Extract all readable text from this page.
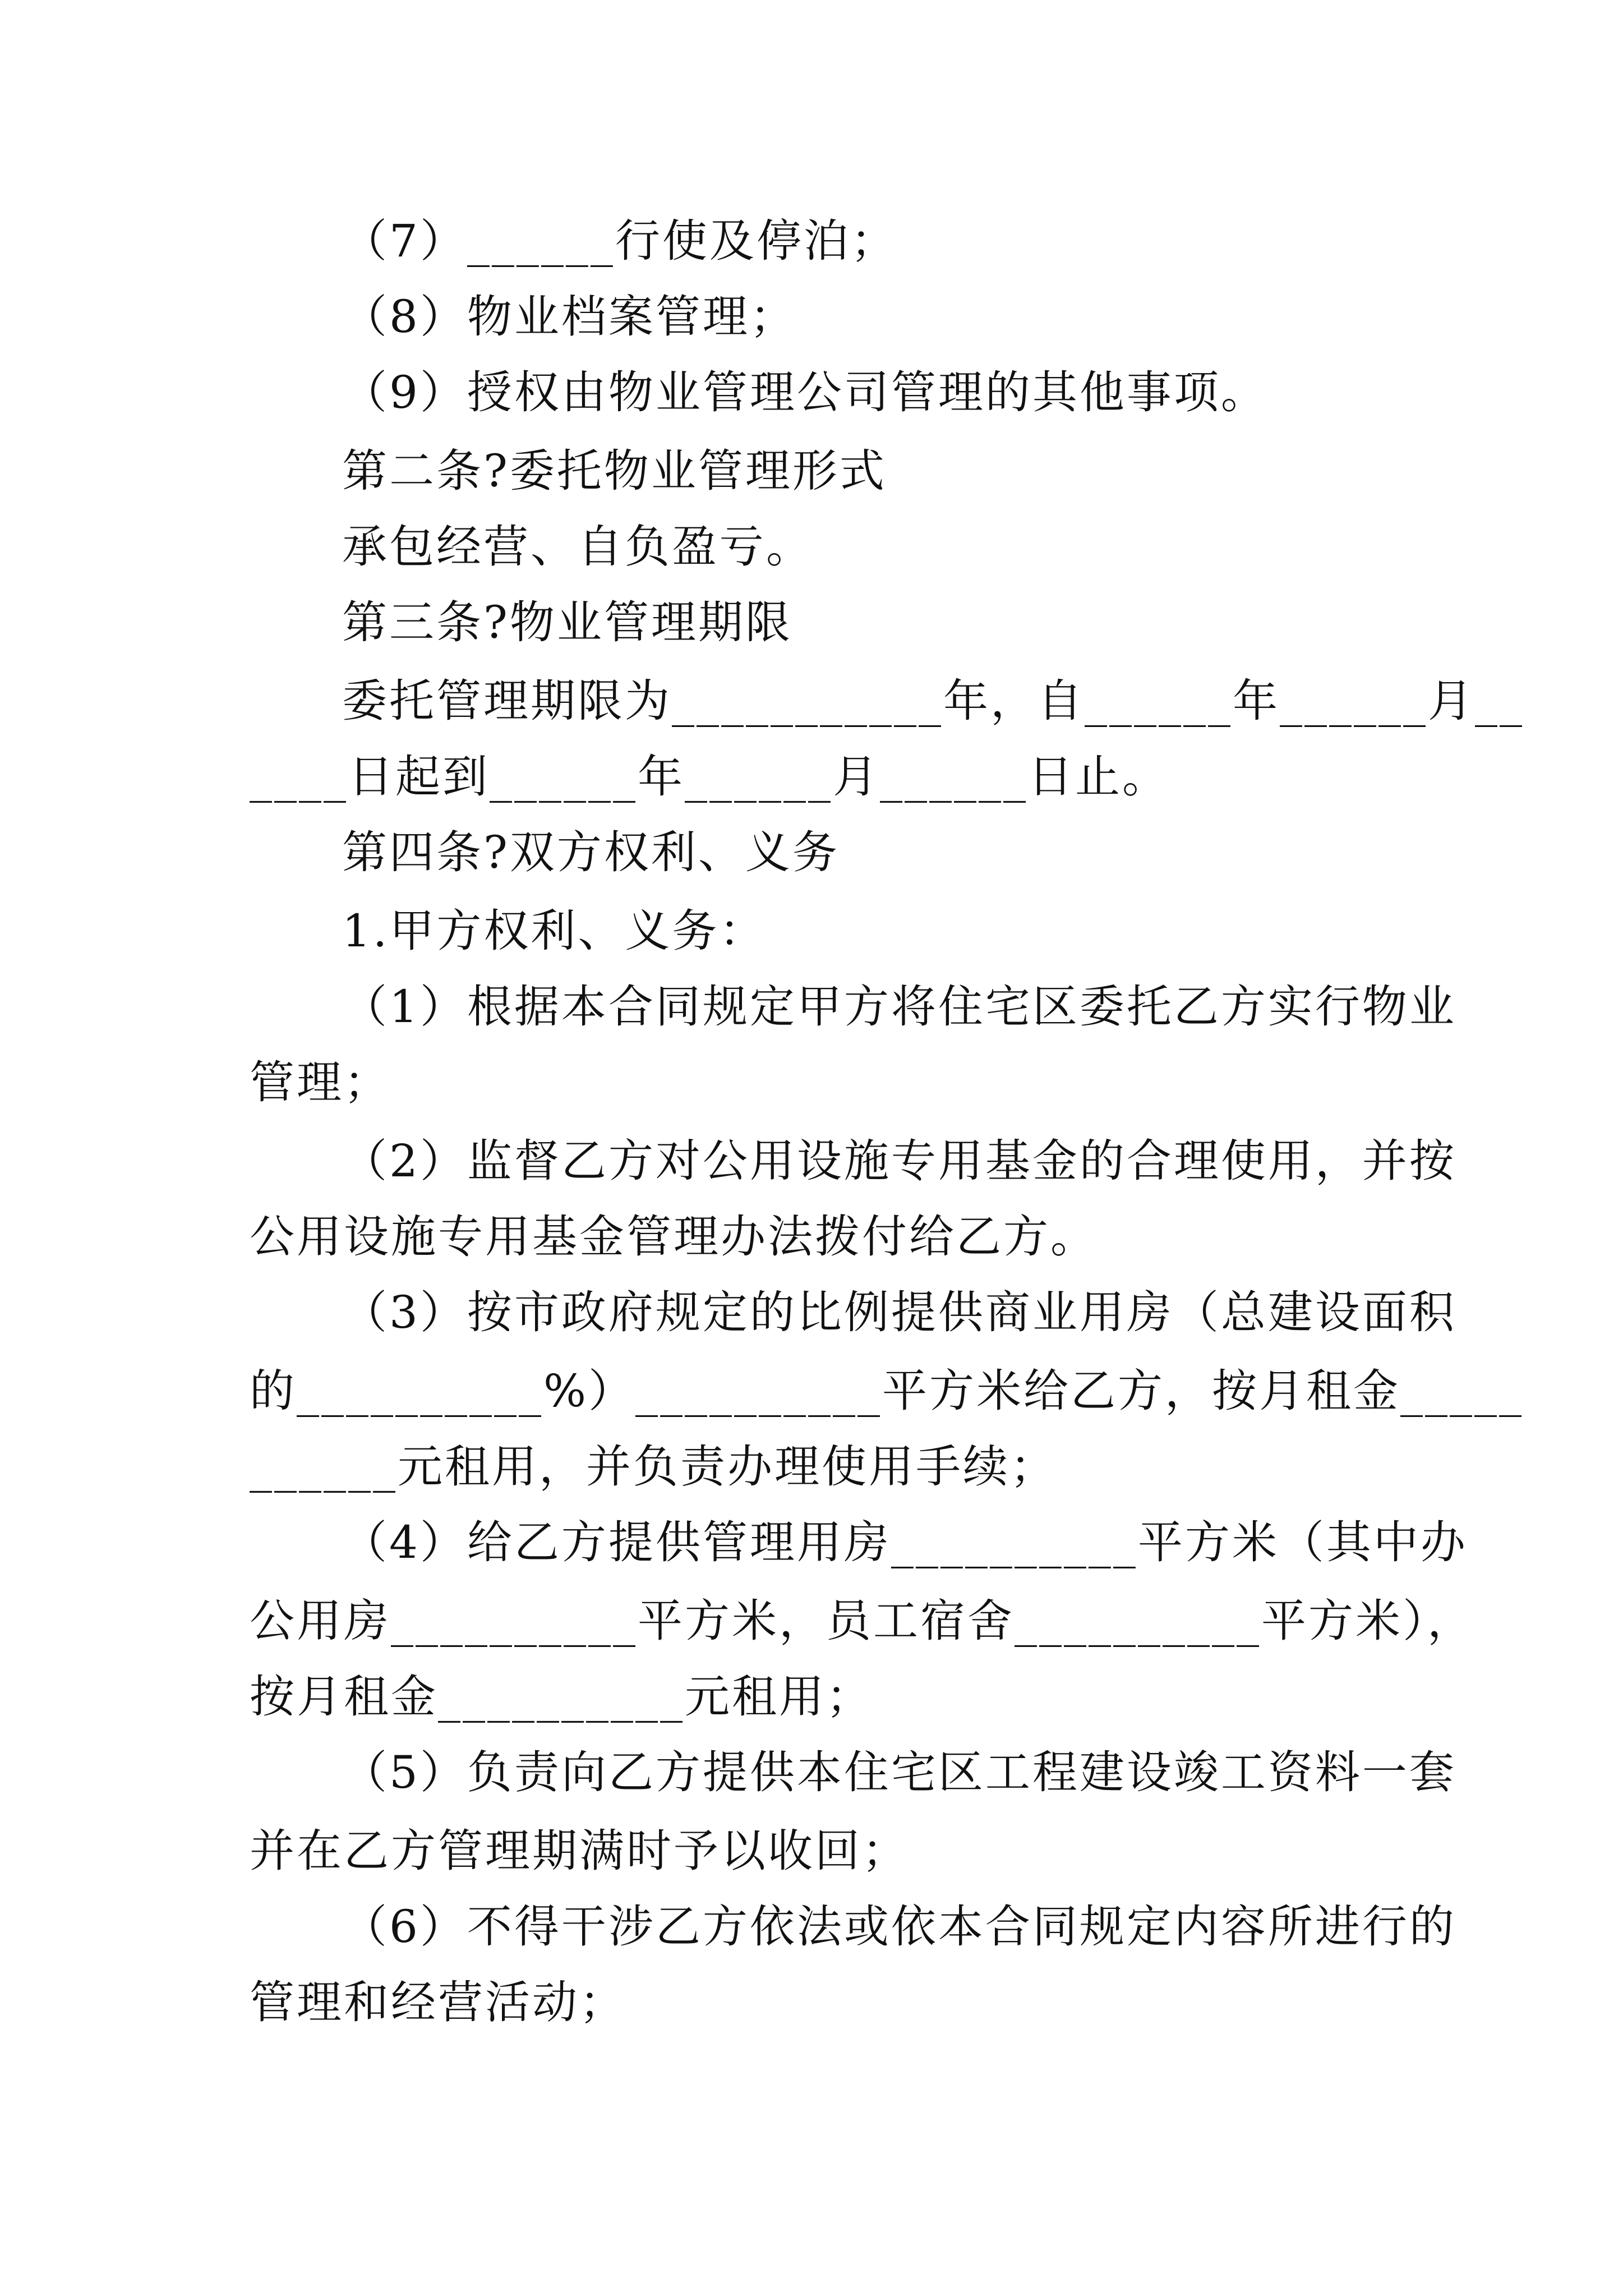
（7）______行使及停泊；
（8）物业档案管理；
（9）授权由物业管理公司管理的其他事项。
第二条?委托物业管理形式
承包经营、自负盈亏。
第三条?物业管理期限
委托管理期限为___________年，自______年______月__
____日起到______年______月______日止。
第四条?双方权利、义务
1.甲方权利、义务：
（1）根据本合同规定甲方将住宅区委托乙方实行物业
管理；
（2）监督乙方对公用设施专用基金的合理使用，并按
公用设施专用基金管理办法拨付给乙方。
（3）按市政府规定的比例提供商业用房（总建设面积
的__________%）__________平方米给乙方，按月租金_____
______元租用，并负责办理使用手续；
（4）给乙方提供管理用房__________平方米（其中办
公用房__________平方米，员工宿舍__________平方米），
按月租金__________元租用；
（5）负责向乙方提供本住宅区工程建设竣工资料一套
并在乙方管理期满时予以收回；
（6）不得干涉乙方依法或依本合同规定内容所进行的
管理和经营活动；
